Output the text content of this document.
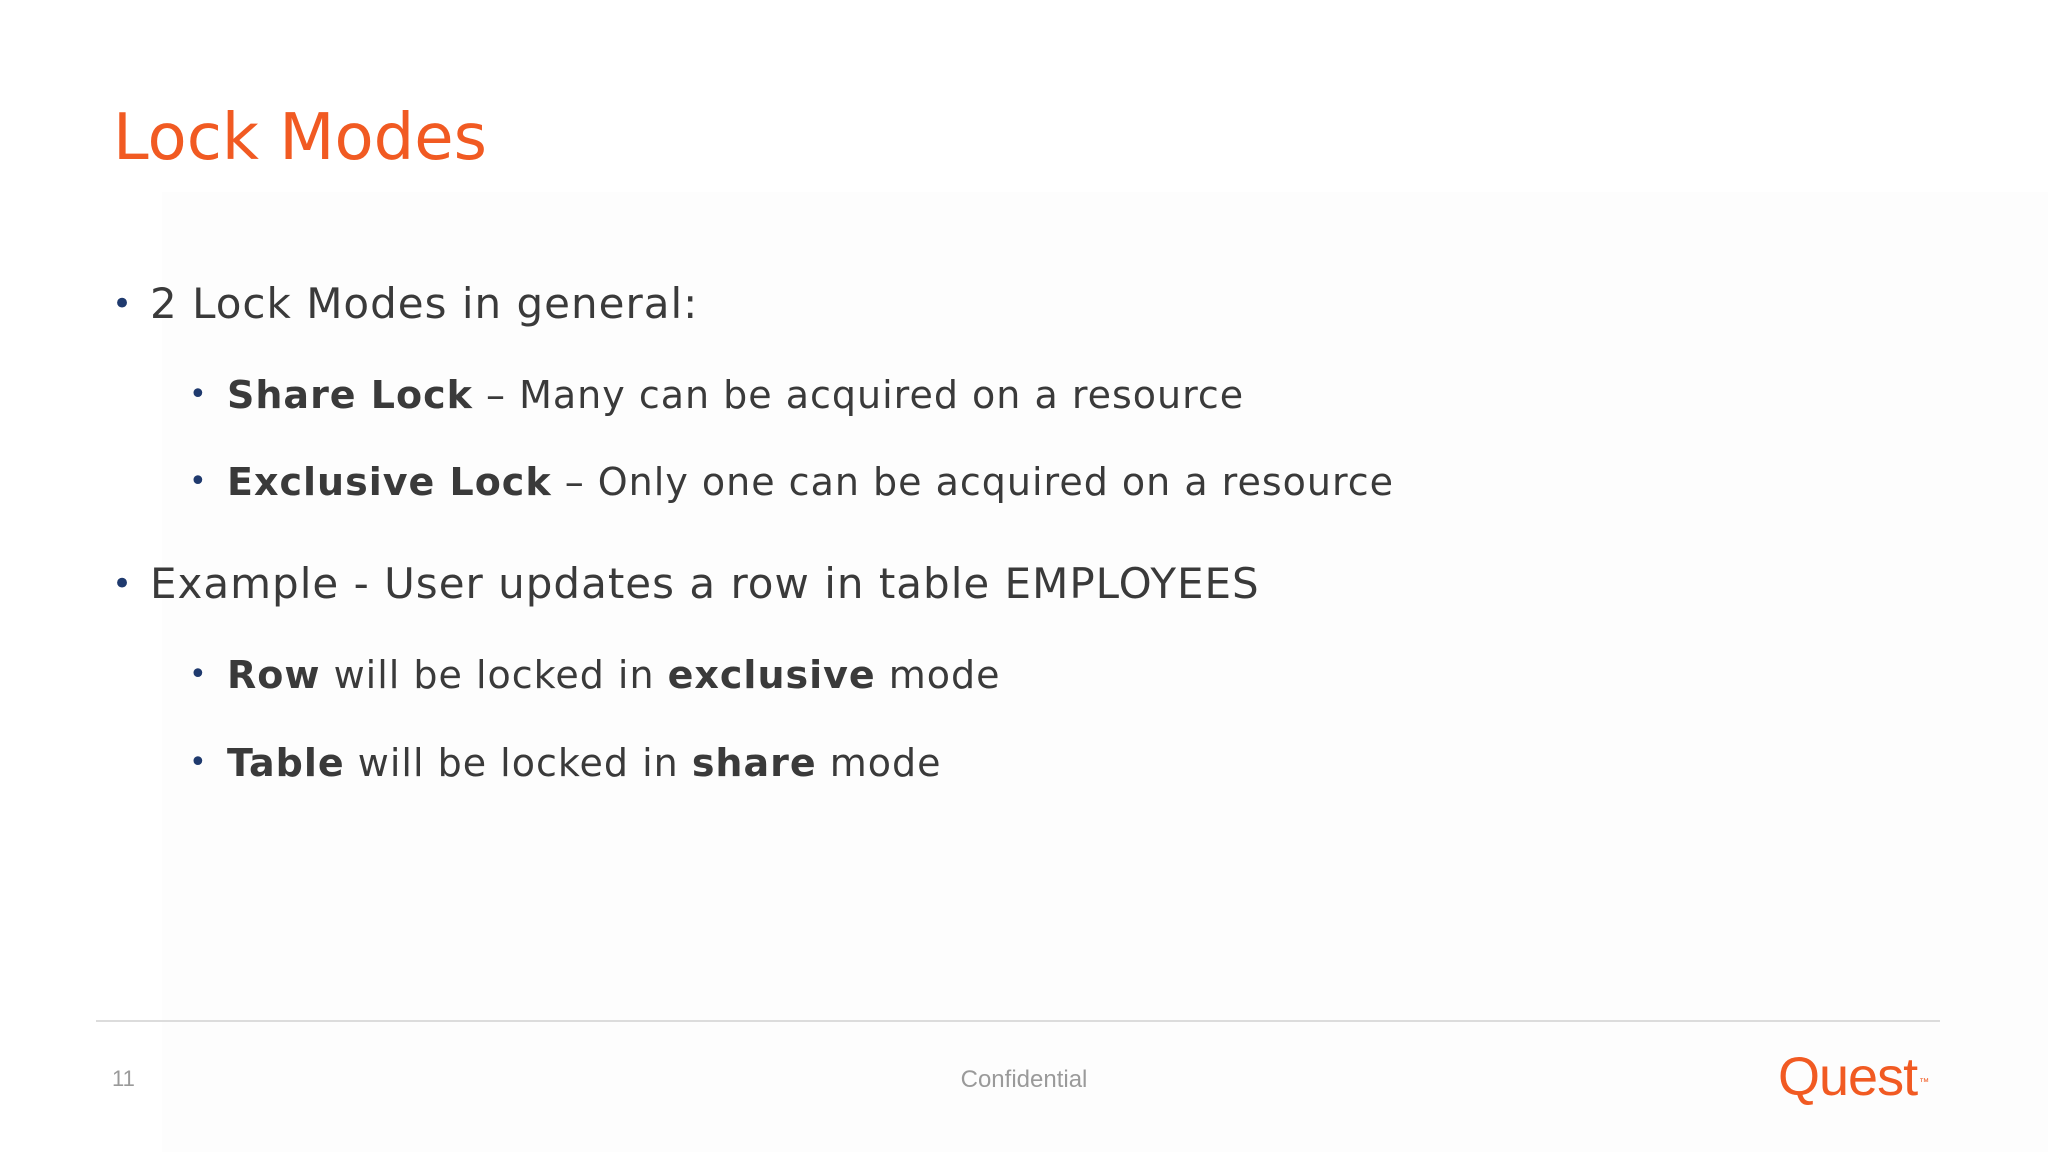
Lock Modes
• 2 Lock Modes in general:
• Share Lock – Many can be acquired on a resource
• Exclusive Lock – Only one can be acquired on a resource
• Example - User updates a row in table EMPLOYEES
• Row will be locked in exclusive mode
• Table will be locked in share mode
11	Confidential	Quest ™
